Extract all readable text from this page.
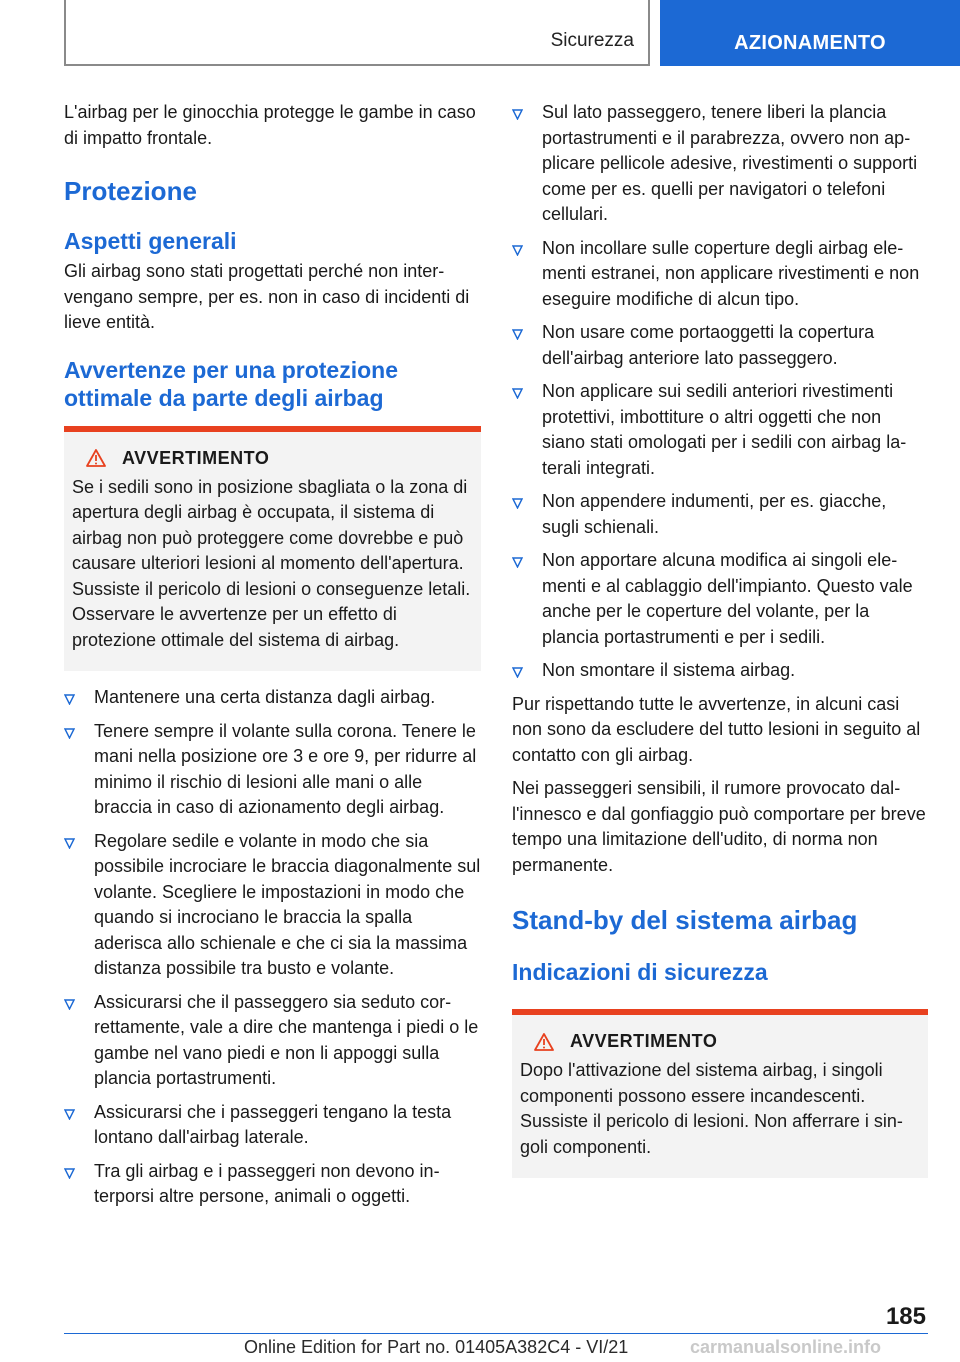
Sicurezza	AZIONAMENTO

L'airbag per le ginocchia protegge le gambe in caso di impatto frontale.

Protezione
Aspetti generali

Gli airbag sono stati progettati perché non intervengano sempre, per es. non in caso di incidenti di lieve entità.

Avvertenze per una protezione ottimale da parte degli airbag
AVVERTIMENTO

Se i sedili sono in posizione sbagliata o la zona di apertura degli airbag è occupata, il sistema di airbag non può proteggere come dovrebbe e può causare ulteriori lesioni al momento dell'apertura. Sussiste il pericolo di lesioni o conseguenze letali. Osservare le avvertenze per un effetto di protezione ottimale del sistema di airbag.

Mantenere una certa distanza dagli airbag.
Tenere sempre il volante sulla corona. Tenere le mani nella posizione ore 3 e ore 9, per ridurre al minimo il rischio di lesioni alle mani o alle braccia in caso di azionamento degli airbag.
Regolare sedile e volante in modo che sia possibile incrociare le braccia diagonalmente sul volante. Scegliere le impostazioni in modo che quando si incrociano le braccia la spalla aderisca allo schienale e che ci sia la massima distanza possibile tra busto e volante.
Assicurarsi che il passeggero sia seduto correttamente, vale a dire che mantenga i piedi o le gambe nel vano piedi e non li appoggi sulla plancia portastrumenti.
Assicurarsi che i passeggeri tengano la testa lontano dall'airbag laterale.
Tra gli airbag e i passeggeri non devono interporsi altre persone, animali o oggetti.
Sul lato passeggero, tenere liberi la plancia portastrumenti e il parabrezza, ovvero non applicare pellicole adesive, rivestimenti o supporti come per es. quelli per navigatori o telefoni cellulari.
Non incollare sulle coperture degli airbag elementi estranei, non applicare rivestimenti e non eseguire modifiche di alcun tipo.
Non usare come portaoggetti la copertura dell'airbag anteriore lato passeggero.
Non applicare sui sedili anteriori rivestimenti protettivi, imbottiture o altri oggetti che non siano stati omologati per i sedili con airbag laterali integrati.
Non appendere indumenti, per es. giacche, sugli schienali.
Non apportare alcuna modifica ai singoli elementi e al cablaggio dell'impianto. Questo vale anche per le coperture del volante, per la plancia portastrumenti e per i sedili.
Non smontare il sistema airbag.

Pur rispettando tutte le avvertenze, in alcuni casi non sono da escludere del tutto lesioni in seguito al contatto con gli airbag.

Nei passeggeri sensibili, il rumore provocato dall'innesco e dal gonfiaggio può comportare per breve tempo una limitazione dell'udito, di norma non permanente.

Stand-by del sistema airbag
Indicazioni di sicurezza
AVVERTIMENTO

Dopo l'attivazione del sistema airbag, i singoli componenti possono essere incandescenti. Sussiste il pericolo di lesioni. Non afferrare i singoli componenti.

185
Online Edition for Part no. 01405A382C4 - VI/21	carmanualsonline.info
